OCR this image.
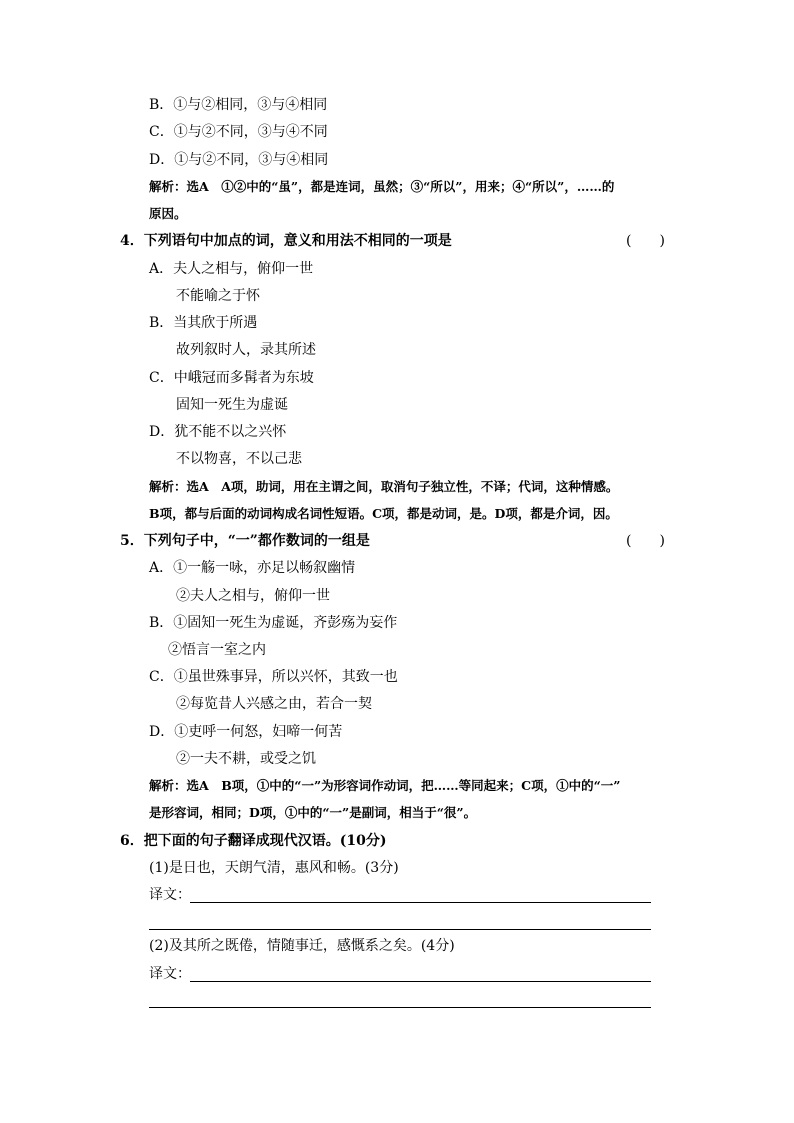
B．①与②相同，③与④相同
C．①与②不同，③与④不同
D．①与②不同，③与④相同
解析：选A　①②中的“虽”，都是连词，虽然；③“所以”，用来；④“所以”，……的
原因。
4．下列语句中加点的词，意义和用法不相同的一项是	(　　)
A．夫人之相与，俯仰一世
不能喻之于怀
B．当其欣于所遇
故列叙时人，录其所述
C．中峨冠而多髯者为东坡
固知一死生为虚诞
D．犹不能不以之兴怀
不以物喜，不以己悲
解析：选A　A项，助词，用在主谓之间，取消句子独立性，不译；代词，这种情感。
B项，都与后面的动词构成名词性短语。C项，都是动词，是。D项，都是介词，因。
5．下列句子中，“一”都作数词的一组是	(　　)
A．①一觞一咏，亦足以畅叙幽情
②夫人之相与，俯仰一世
B．①固知一死生为虚诞，齐彭殇为妄作
②悟言一室之内
C．①虽世殊事异，所以兴怀，其致一也
②每览昔人兴感之由，若合一契
D．①吏呼一何怒，妇啼一何苦
②一夫不耕，或受之饥
解析：选A　B项，①中的“一”为形容词作动词，把……等同起来；C项，①中的“一”
是形容词，相同；D项，①中的“一”是副词，相当于“很”。
6．把下面的句子翻译成现代汉语。(10分)
(1)是日也，天朗气清，惠风和畅。(3分)
译文：
(2)及其所之既倦，情随事迁，感慨系之矣。(4分)
译文：
